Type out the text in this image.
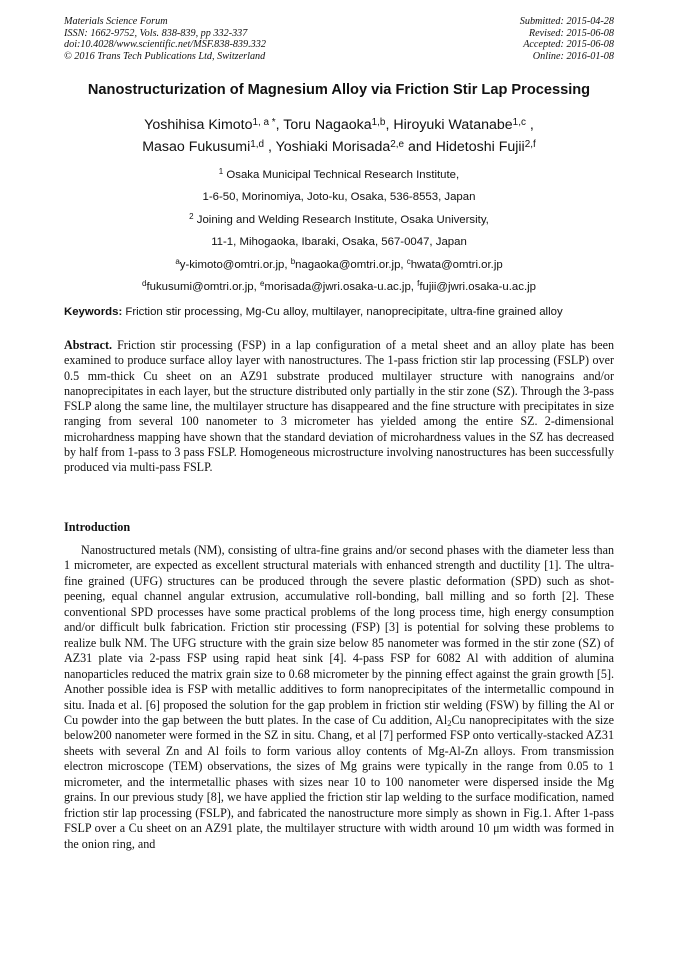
Materials Science Forum
ISSN: 1662-9752, Vols. 838-839, pp 332-337
doi:10.4028/www.scientific.net/MSF.838-839.332
© 2016 Trans Tech Publications Ltd, Switzerland
Submitted: 2015-04-28
Revised: 2015-06-08
Accepted: 2015-06-08
Online: 2016-01-08
Nanostructurization of Magnesium Alloy via Friction Stir Lap Processing
Yoshihisa Kimoto$^{1, a *}$, Toru Nagaoka$^{1,b}$, Hiroyuki Watanabe$^{1,c}$ ,
Masao Fukusumi$^{1,d}$ , Yoshiaki Morisada$^{2,e}$ and Hidetoshi Fujii$^{2,f}$
$^1$ Osaka Municipal Technical Research Institute,
1-6-50, Morinomiya, Joto-ku, Osaka, 536-8553, Japan
$^2$ Joining and Welding Research Institute, Osaka University,
11-1, Mihogaoka, Ibaraki, Osaka, 567-0047, Japan
$^a$y-kimoto@omtri.or.jp, $^b$nagaoka@omtri.or.jp, $^c$hwata@omtri.or.jp
$^d$fukusumi@omtri.or.jp, $^e$morisada@jwri.osaka-u.ac.jp, $^f$fujii@jwri.osaka-u.ac.jp
Keywords: Friction stir processing, Mg-Cu alloy, multilayer, nanoprecipitate, ultra-fine grained alloy
Abstract. Friction stir processing (FSP) in a lap configuration of a metal sheet and an alloy plate has been examined to produce surface alloy layer with nanostructures. The 1-pass friction stir lap processing (FSLP) over 0.5 mm-thick Cu sheet on an AZ91 substrate produced multilayer structure with nanograins and/or nanoprecipitates in each layer, but the structure distributed only partially in the stir zone (SZ). Through the 3-pass FSLP along the same line, the multilayer structure has disappeared and the fine structure with precipitates in size ranging from several 100 nanometer to 3 micrometer has yielded among the entire SZ. 2-dimensional microhardness mapping have shown that the standard deviation of microhardness values in the SZ has decreased by half from 1-pass to 3 pass FSLP. Homogeneous microstructure involving nanostructures has been successfully produced via multi-pass FSLP.
Introduction
Nanostructured metals (NM), consisting of ultra-fine grains and/or second phases with the diameter less than 1 micrometer, are expected as excellent structural materials with enhanced strength and ductility [1]. The ultra-fine grained (UFG) structures can be produced through the severe plastic deformation (SPD) such as shot-peening, equal channel angular extrusion, accumulative roll-bonding, ball milling and so forth [2]. These conventional SPD processes have some practical problems of the long process time, high energy consumption and/or difficult bulk fabrication. Friction stir processing (FSP) [3] is potential for solving these problems to realize bulk NM. The UFG structure with the grain size below 85 nanometer was formed in the stir zone (SZ) of AZ31 plate via 2-pass FSP using rapid heat sink [4]. 4-pass FSP for 6082 Al with addition of alumina nanoparticles reduced the matrix grain size to 0.68 micrometer by the pinning effect against the grain growth [5]. Another possible idea is FSP with metallic additives to form nanoprecipitates of the intermetallic compound in situ. Inada et al. [6] proposed the solution for the gap problem in friction stir welding (FSW) by filling the Al or Cu powder into the gap between the butt plates. In the case of Cu addition, $Al_2Cu$ nanoprecipitates with the size below200 nanometer were formed in the SZ in situ. Chang, et al [7] performed FSP onto vertically-stacked AZ31 sheets with several Zn and Al foils to form various alloy contents of Mg-Al-Zn alloys. From transmission electron microscope (TEM) observations, the sizes of Mg grains were typically in the range from 0.05 to 1 micrometer, and the intermetallic phases with sizes near 10 to 100 nanometer were dispersed inside the Mg grains. In our previous study [8], we have applied the friction stir lap welding to the surface modification, named friction stir lap processing (FSLP), and fabricated the nanostructure more simply as shown in Fig.1. After 1-pass FSLP over a Cu sheet on an AZ91 plate, the multilayer structure with width around 10 μm width was formed in the onion ring, and
